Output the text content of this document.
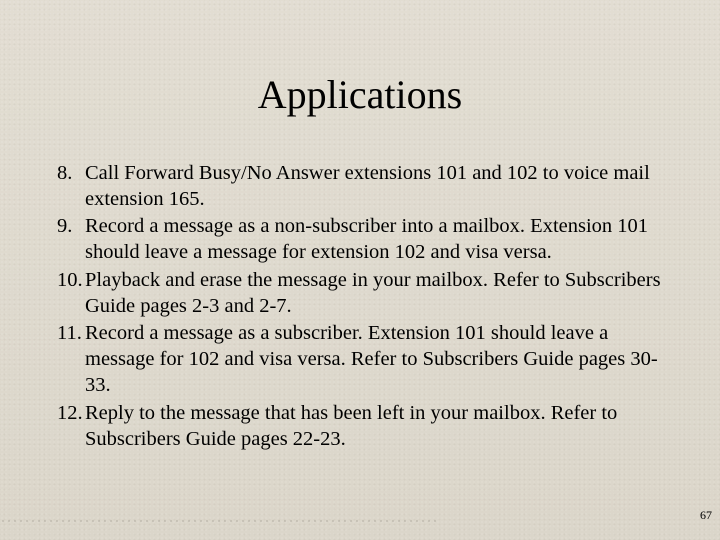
Applications
8. Call Forward Busy/No Answer extensions 101 and 102 to voice mail extension 165.
9. Record a message as a non-subscriber into a mailbox. Extension 101 should leave a message for extension 102 and visa versa.
10. Playback and erase the message in your mailbox. Refer to Subscribers Guide pages 2-3 and 2-7.
11. Record a message as a subscriber. Extension 101 should leave a message for 102 and visa versa. Refer to Subscribers Guide pages 30-33.
12. Reply to the message that has been left in your mailbox. Refer to Subscribers Guide pages 22-23.
67
